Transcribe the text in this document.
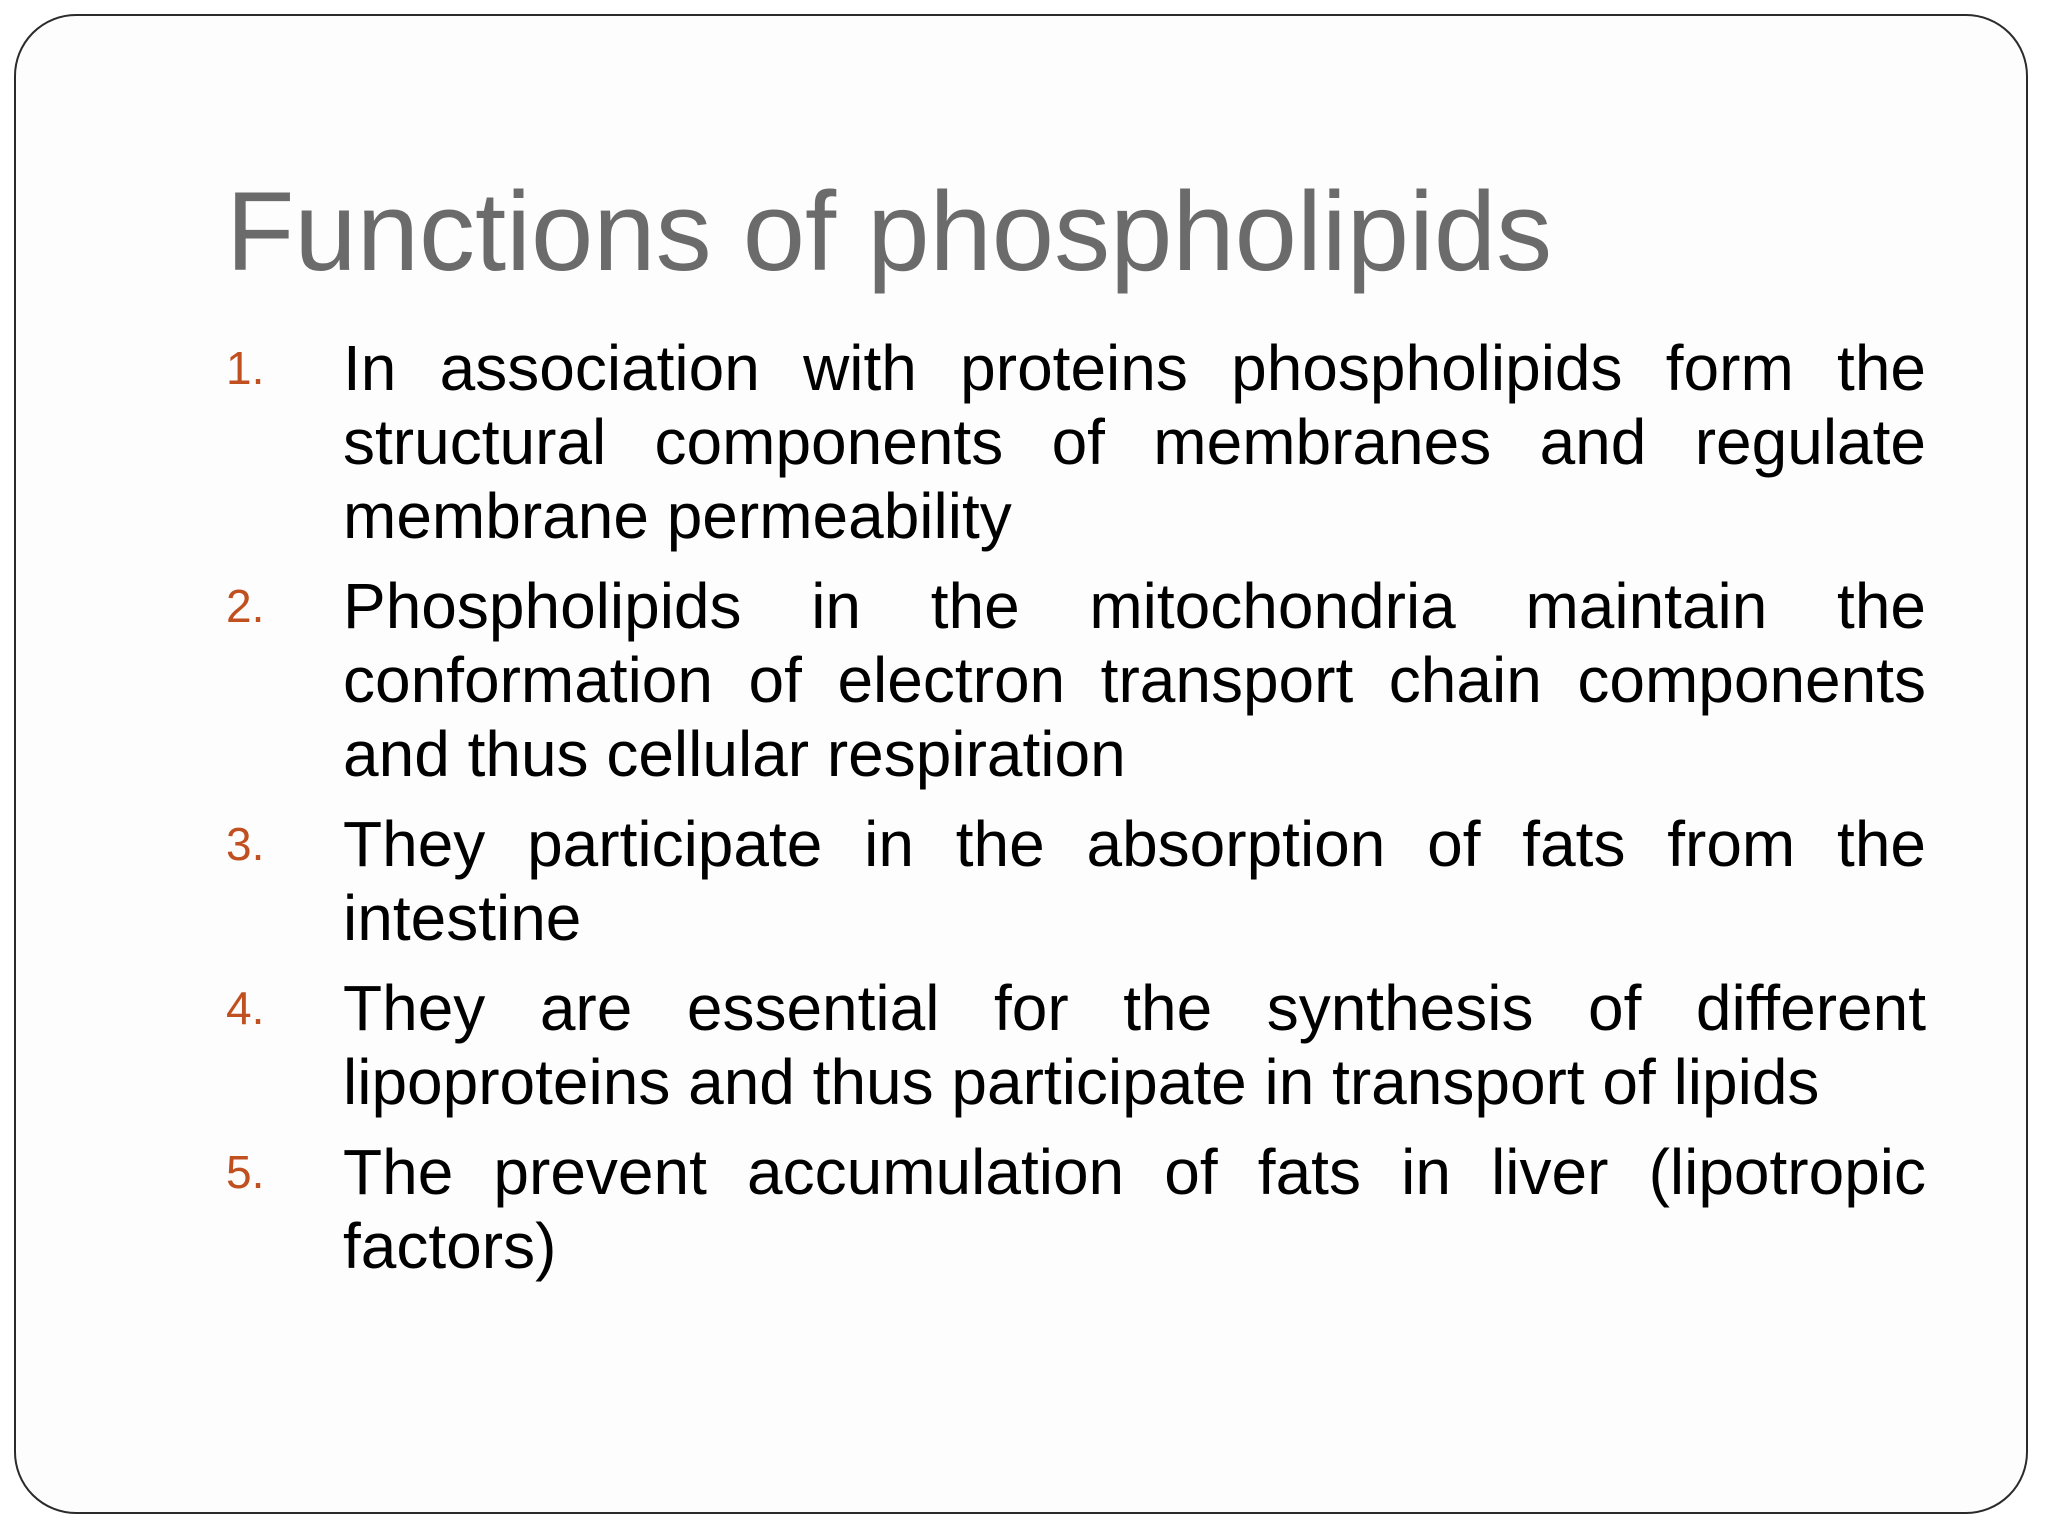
Functions of phospholipids
1.	In association with proteins phospholipids form the structural components of membranes and regulate membrane permeability
2.	Phospholipids in the mitochondria maintain the conformation of electron transport chain components and thus cellular respiration
3.	They participate in the absorption of fats from the intestine
4.	They are essential for the synthesis of different lipoproteins and thus participate in transport of lipids
5.	The prevent accumulation of fats in liver (lipotropic factors)
